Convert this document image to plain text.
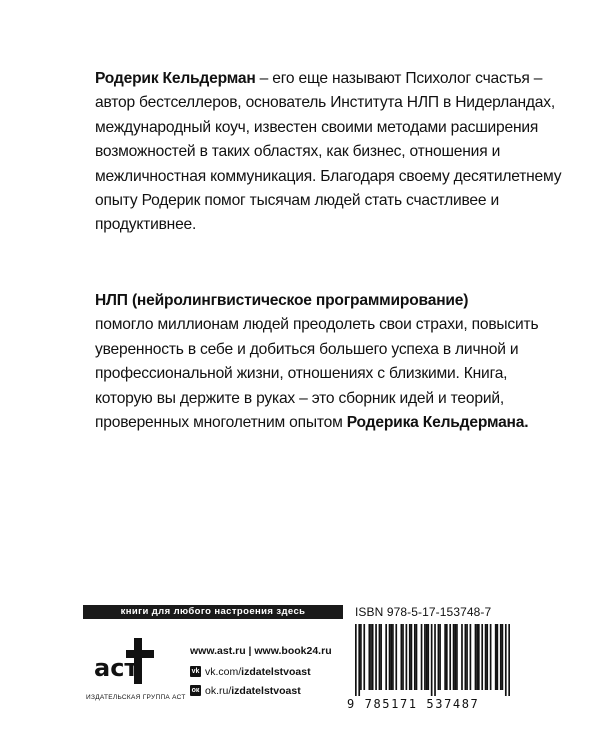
Родерик Кельдерман – его еще называют Психолог счастья – автор бестселлеров, основатель Института НЛП в Нидерландах, международный коуч, известен своими методами расширения возможностей в таких областях, как бизнес, отношения и межличностная коммуникация. Благодаря своему десятилетнему опыту Родерик помог тысячам людей стать счастливее и продуктивнее.
НЛП (нейролингвистическое программирование)
помогло миллионам людей преодолеть свои страхи, повысить уверенность в себе и добиться большего успеха в личной и профессиональной жизни, отношениях с близкими. Книга, которую вы держите в руках – это сборник идей и теорий, проверенных многолетним опытом Родерика Кельдермана.
книги для любого настроения здесь	ISBN 978-5-17-153748-7
аст
ИЗДАТЕЛЬСКАЯ ГРУППА АСТ
www.ast.ru | www.book24.ru
vk vk.com/ izdatelstvoast
ок ok.ru/ izdatelstvoast
9 785171 537487
